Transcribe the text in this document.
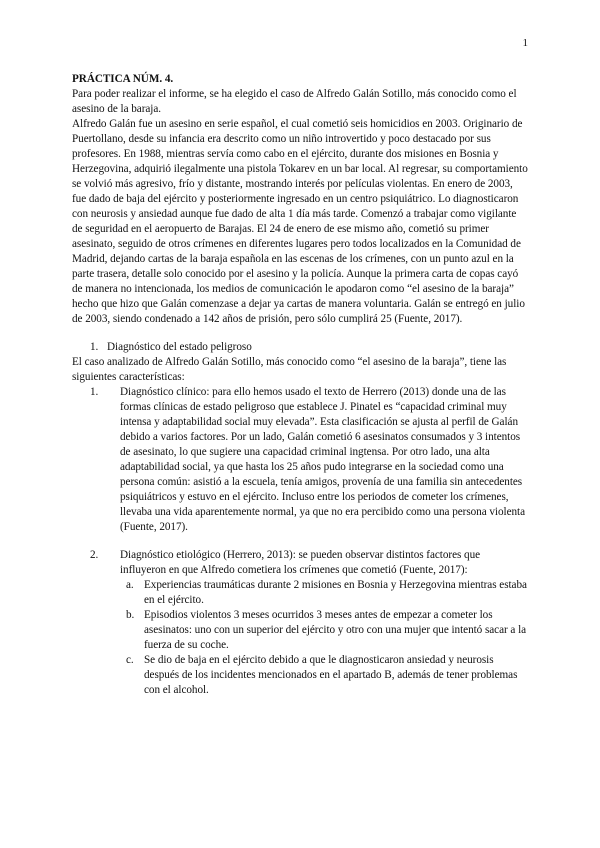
1

PRÁCTICA NÚM. 4.

Para poder realizar el informe, se ha elegido el caso de Alfredo Galán Sotillo, más conocido como el asesino de la baraja.

Alfredo Galán fue un asesino en serie español, el cual cometió seis homicidios en 2003. Originario de Puertollano, desde su infancia era descrito como un niño introvertido y poco destacado por sus profesores. En 1988, mientras servía como cabo en el ejército, durante dos misiones en Bosnia y Herzegovina, adquirió ilegalmente una pistola Tokarev en un bar local. Al regresar, su comportamiento se volvió más agresivo, frío y distante, mostrando interés por películas violentas. En enero de 2003, fue dado de baja del ejército y posteriormente ingresado en un centro psiquiátrico. Lo diagnosticaron con neurosis y ansiedad aunque fue dado de alta 1 día más tarde. Comenzó a trabajar como vigilante de seguridad en el aeropuerto de Barajas. El 24 de enero de ese mismo año, cometió su primer asesinato, seguido de otros crímenes en diferentes lugares pero todos localizados en la Comunidad de Madrid, dejando cartas de la baraja española en las escenas de los crímenes, con un punto azul en la parte trasera, detalle solo conocido por el asesino y la policía. Aunque la primera carta de copas cayó de manera no intencionada, los medios de comunicación le apodaron como “el asesino de la baraja” hecho que hizo que Galán comenzase a dejar ya cartas de manera voluntaria. Galán se entregó en julio de 2003, siendo condenado a 142 años de prisión, pero sólo cumplirá 25 (Fuente, 2017).

1. Diagnóstico del estado peligroso

El caso analizado de Alfredo Galán Sotillo, más conocido como “el asesino de la baraja”, tiene las siguientes características:

1. Diagnóstico clínico: para ello hemos usado el texto de Herrero (2013) donde una de las formas clínicas de estado peligroso que establece J. Pinatel es “capacidad criminal muy intensa y adaptabilidad social muy elevada”. Esta clasificación se ajusta al perfil de Galán debido a varios factores. Por un lado, Galán cometió 6 asesinatos consumados y 3 intentos de asesinato, lo que sugiere una capacidad criminal ingtensa. Por otro lado, una alta adaptabilidad social, ya que hasta los 25 años pudo integrarse en la sociedad como una persona común: asistió a la escuela, tenía amigos, provenía de una familia sin antecedentes psiquiátricos y estuvo en el ejército. Incluso entre los periodos de cometer los crímenes, llevaba una vida aparentemente normal, ya que no era percibido como una persona violenta (Fuente, 2017).
2. Diagnóstico etiológico (Herrero, 2013): se pueden observar distintos factores que influyeron en que Alfredo cometiera los crímenes que cometió (Fuente, 2017):
a. Experiencias traumáticas durante 2 misiones en Bosnia y Herzegovina mientras estaba en el ejército.
b. Episodios violentos 3 meses ocurridos 3 meses antes de empezar a cometer los asesinatos: uno con un superior del ejército y otro con una mujer que intentó sacar a la fuerza de su coche.
c. Se dio de baja en el ejército debido a que le diagnosticaron ansiedad y neurosis después de los incidentes mencionados en el apartado B, además de tener problemas con el alcohol.
